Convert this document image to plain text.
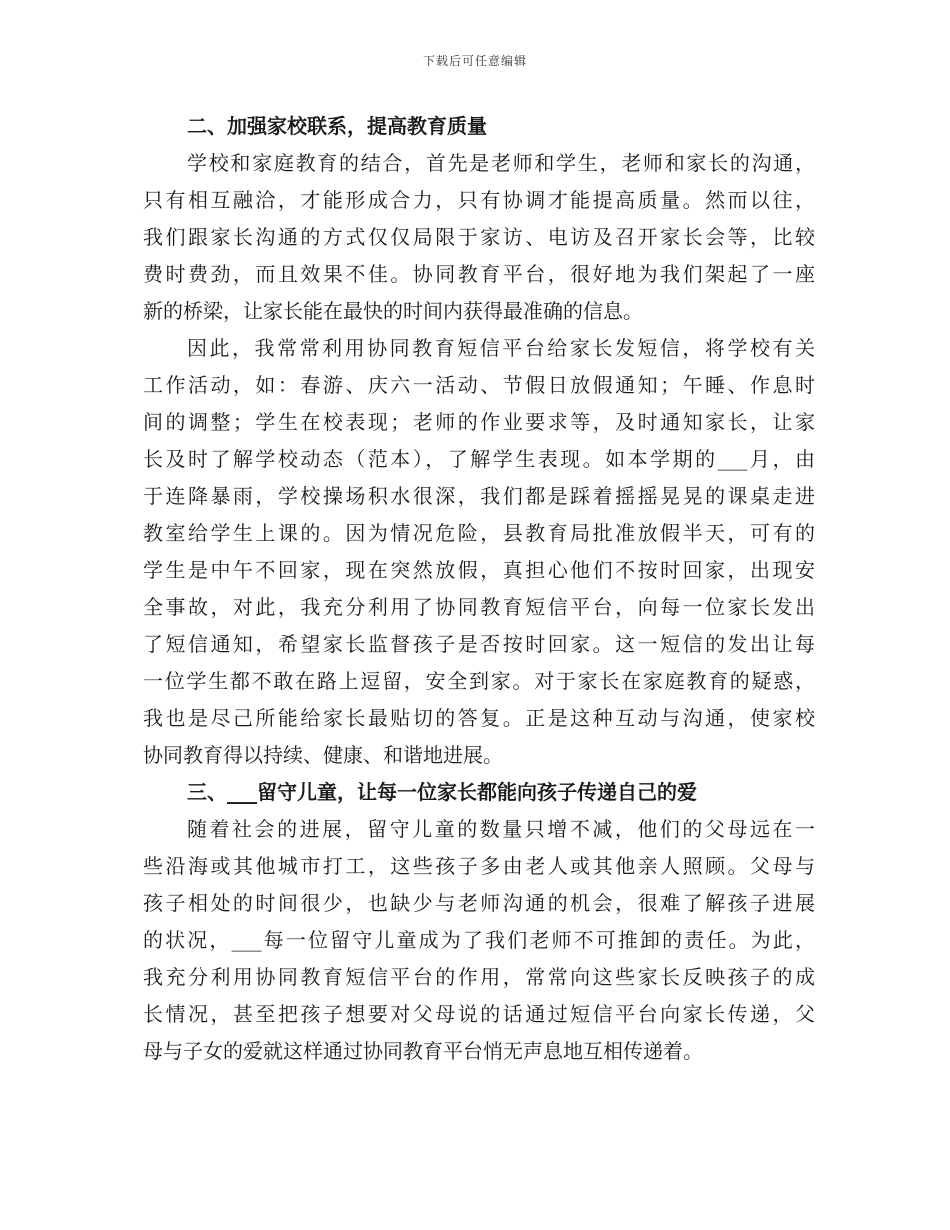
下载后可任意编辑
二、加强家校联系，提高教育质量
学校和家庭教育的结合，首先是老师和学生，老师和家长的沟通，
只有相互融洽，才能形成合力，只有协调才能提高质量。然而以往，
我们跟家长沟通的方式仅仅局限于家访、电访及召开家长会等，比较
费时费劲，而且效果不佳。协同教育平台，很好地为我们架起了一座
新的桥梁，让家长能在最快的时间内获得最准确的信息。
因此，我常常利用协同教育短信平台给家长发短信，将学校有关
工作活动，如：春游、庆六一活动、节假日放假通知；午睡、作息时
间的调整；学生在校表现；老师的作业要求等，及时通知家长，让家
长及时了解学校动态（范本），了解学生表现。如本学期的___月，由
于连降暴雨，学校操场积水很深，我们都是踩着摇摇晃晃的课桌走进
教室给学生上课的。因为情况危险，县教育局批准放假半天，可有的
学生是中午不回家，现在突然放假，真担心他们不按时回家，出现安
全事故，对此，我充分利用了协同教育短信平台，向每一位家长发出
了短信通知，希望家长监督孩子是否按时回家。这一短信的发出让每
一位学生都不敢在路上逗留，安全到家。对于家长在家庭教育的疑惑，
我也是尽己所能给家长最贴切的答复。正是这种互动与沟通，使家校
协同教育得以持续、健康、和谐地进展。
三、___留守儿童，让每一位家长都能向孩子传递自己的爱
随着社会的进展，留守儿童的数量只增不减，他们的父母远在一
些沿海或其他城市打工，这些孩子多由老人或其他亲人照顾。父母与
孩子相处的时间很少，也缺少与老师沟通的机会，很难了解孩子进展
的状况，___每一位留守儿童成为了我们老师不可推卸的责任。为此，
我充分利用协同教育短信平台的作用，常常向这些家长反映孩子的成
长情况，甚至把孩子想要对父母说的话通过短信平台向家长传递，父
母与子女的爱就这样通过协同教育平台悄无声息地互相传递着。
